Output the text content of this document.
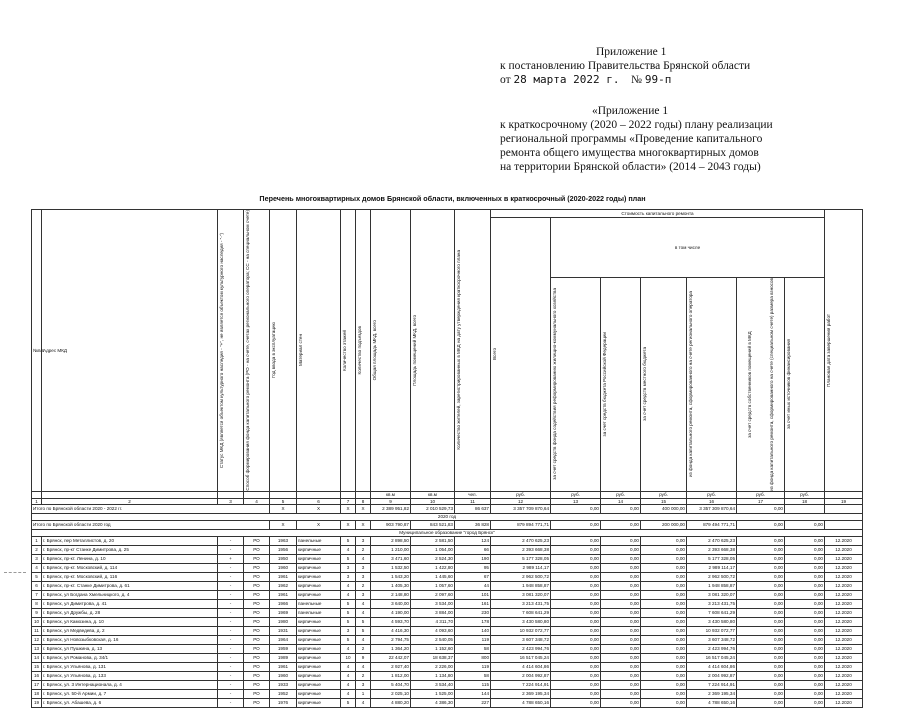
Приложение 1
к постановлению Правительства Брянской области
от 28 марта 2022 г. № 99-п
«Приложение 1
к краткосрочному (2020 – 2022 годы) плану реализации
региональной программы «Проведение капитального
ремонта общего имущества многоквартирных домов
на территории Брянской области» (2014 – 2043 годы)
Перечень многоквартирных домов Брянской области, включенных в краткосрочный (2020-2022 годы) план
№п/п	Адрес МКД	Статус МКД (является объектом культурного наследия - "+", не является объектом культурного наследия - "-")	Способ формирования фонда капитального ремонта (РО - на счете, счетах регионального оператора; СС - на специальном счете)	Год ввода в эксплуатацию	Материал стен	Количество этажей	Количество подъездов	Общая площадь МКД, всего	Площадь помещений МКД, всего	Количество жителей, зарегистрированных в МКД на дату утверждения краткосрочного плана	Стоимость капитального ремонта							Плановая дата завершения работ

											Всего	в том числе						

												за счет средств фонда содействия реформированию жилищно-коммунального хозяйства	за счет средств бюджета Российской Федерации	за счет средств местного бюджета	из фонда капитального ремонта, сформированного на счете регионального оператора	за счет средств собственников помещений в МКД из фонда капитального ремонта, сформированного на счете (специальном счете) размера взносов	за счет иных источников финансирования	

								кв.м	кв.м	чел.	руб.	руб.	руб.	руб.	руб.	руб.	руб.	
1	2	3	4	5	6	7	8	9	10	11	12	13	14	15	16	17	18	19
Итого по Брянской области 2020 - 2022 гг.				X	X	X	X	2 389 951,82	2 010 529,73	86 637	3 357 709 870,64	0,00	0,00	400 000,00	3 357 309 870,64	0,00		
2020 год																		
Итого по Брянской области 2020 год				X	X	X	X	903 790,87	843 521,83	36 828	879 894 771,71	0,00	0,00	200 000,00	879 494 771,71	0,00	0,00	
Муниципальное образование "город Брянск"																		
1	г. Брянск, пер Металлистов, д. 20	-	РО	1963	панельные	5	3	2 898,50	2 581,50	124	2 470 625,23	0,00	0,00	0,00	2 470 625,23	0,00	0,00	12.2020
2	г. Брянск, пр-кт Станке Димитрова, д. 25	-	РО	1956	кирпичные	4	2	1 210,00	1 054,00	66	2 393 668,38	0,00	0,00	0,00	2 393 668,38	0,00	0,00	12.2020
3	г. Брянск, пр-кт. Ленина, д. 10	+	РО	1950	кирпичные	5	4	3 471,60	2 524,30	190	5 177 328,05	0,00	0,00	0,00	5 177 328,05	0,00	0,00	12.2020
4	г. Брянск, пр-кт. Московский, д. 114	-	РО	1960	кирпичные	3	3	1 532,50	1 422,80	95	2 989 114,17	0,00	0,00	0,00	2 989 114,17	0,00	0,00	12.2020
5	г. Брянск, пр-кт. Московский, д. 116	-	РО	1961	кирпичные	3	3	1 543,20	1 445,60	67	2 962 500,72	0,00	0,00	0,00	2 962 500,72	0,00	0,00	12.2020
6	г. Брянск, пр-кт. Станке Димитрова, д. 61	-	РО	1962	кирпичные	4	2	1 405,30	1 057,60	44	1 948 858,87	0,00	0,00	0,00	1 948 858,87	0,00	0,00	12.2020
7	г. Брянск, ул Богдана Хмельницкого, д. 4	-	РО	1961	кирпичные	4	3	2 148,80	2 097,60	101	3 081 320,07	0,00	0,00	0,00	3 081 320,07	0,00	0,00	12.2020
8	г. Брянск, ул Димитрова, д. 41	-	РО	1966	панельные	5	4	3 640,00	3 534,00	161	3 213 431,75	0,00	0,00	0,00	3 213 431,75	0,00	0,00	12.2020
9	г. Брянск, ул Дружбы, д. 28	-	РО	1969	панельные	5	4	4 190,00	3 884,00	230	7 608 641,29	0,00	0,00	0,00	7 608 641,29	0,00	0,00	12.2020
10	г. Брянск, ул Камозина, д. 10	-	РО	1980	кирпичные	5	5	4 593,70	4 311,70	178	3 430 580,80	0,00	0,00	0,00	3 430 580,80	0,00	0,00	12.2020
11	г. Брянск, ул Медведева, д. 2	-	РО	1931	кирпичные	3	5	4 416,30	4 093,60	140	10 932 072,77	0,00	0,00	0,00	10 932 072,77	0,00	0,00	12.2020
12	г. Брянск, ул Новозыбковская, д. 16	-	РО	1964	кирпичные	5	4	2 794,75	2 540,05	119	3 607 348,72	0,00	0,00	0,00	3 607 348,72	0,00	0,00	12.2020
13	г. Брянск, ул Пушкина, д. 13	-	РО	1959	кирпичные	4	2	1 364,20	1 152,60	58	2 423 994,76	0,00	0,00	0,00	2 423 994,76	0,00	0,00	12.2020
14	г. Брянск, ул Романова, д. 34/1	-	РО	1989	кирпичные	10	9	22 442,07	18 638,37	800	16 517 045,24	0,00	0,00	0,00	16 517 045,24	0,00	0,00	12.2020
15	г. Брянск, ул Ульянова, д. 131	-	РО	1961	кирпичные	4	4	2 927,40	2 226,00	119	4 414 604,86	0,00	0,00	0,00	4 414 604,86	0,00	0,00	12.2020
16	г. Брянск, ул Ульянова, д. 133	-	РО	1960	кирпичные	4	2	1 812,00	1 134,80	58	2 004 992,87	0,00	0,00	0,00	2 004 992,87	0,00	0,00	12.2020
17	г. Брянск, ул. 3 Интернационала, д. 4	-	РО	1933	кирпичные	4	3	5 404,70	3 534,40	115	7 224 914,91	0,00	0,00	0,00	7 224 914,91	0,00	0,00	12.2020
18	г. Брянск, ул. 50-й Армии, д. 7	-	РО	1952	кирпичные	4	1	2 025,10	1 525,00	144	2 369 195,34	0,00	0,00	0,00	2 369 195,34	0,00	0,00	12.2020
19	г. Брянск, ул. Абашева, д. 6	-	РО	1976	кирпичные	5	4	4 880,20	4 386,30	227	4 788 650,16	0,00	0,00	0,00	4 788 650,16	0,00	0,00	12.2020
